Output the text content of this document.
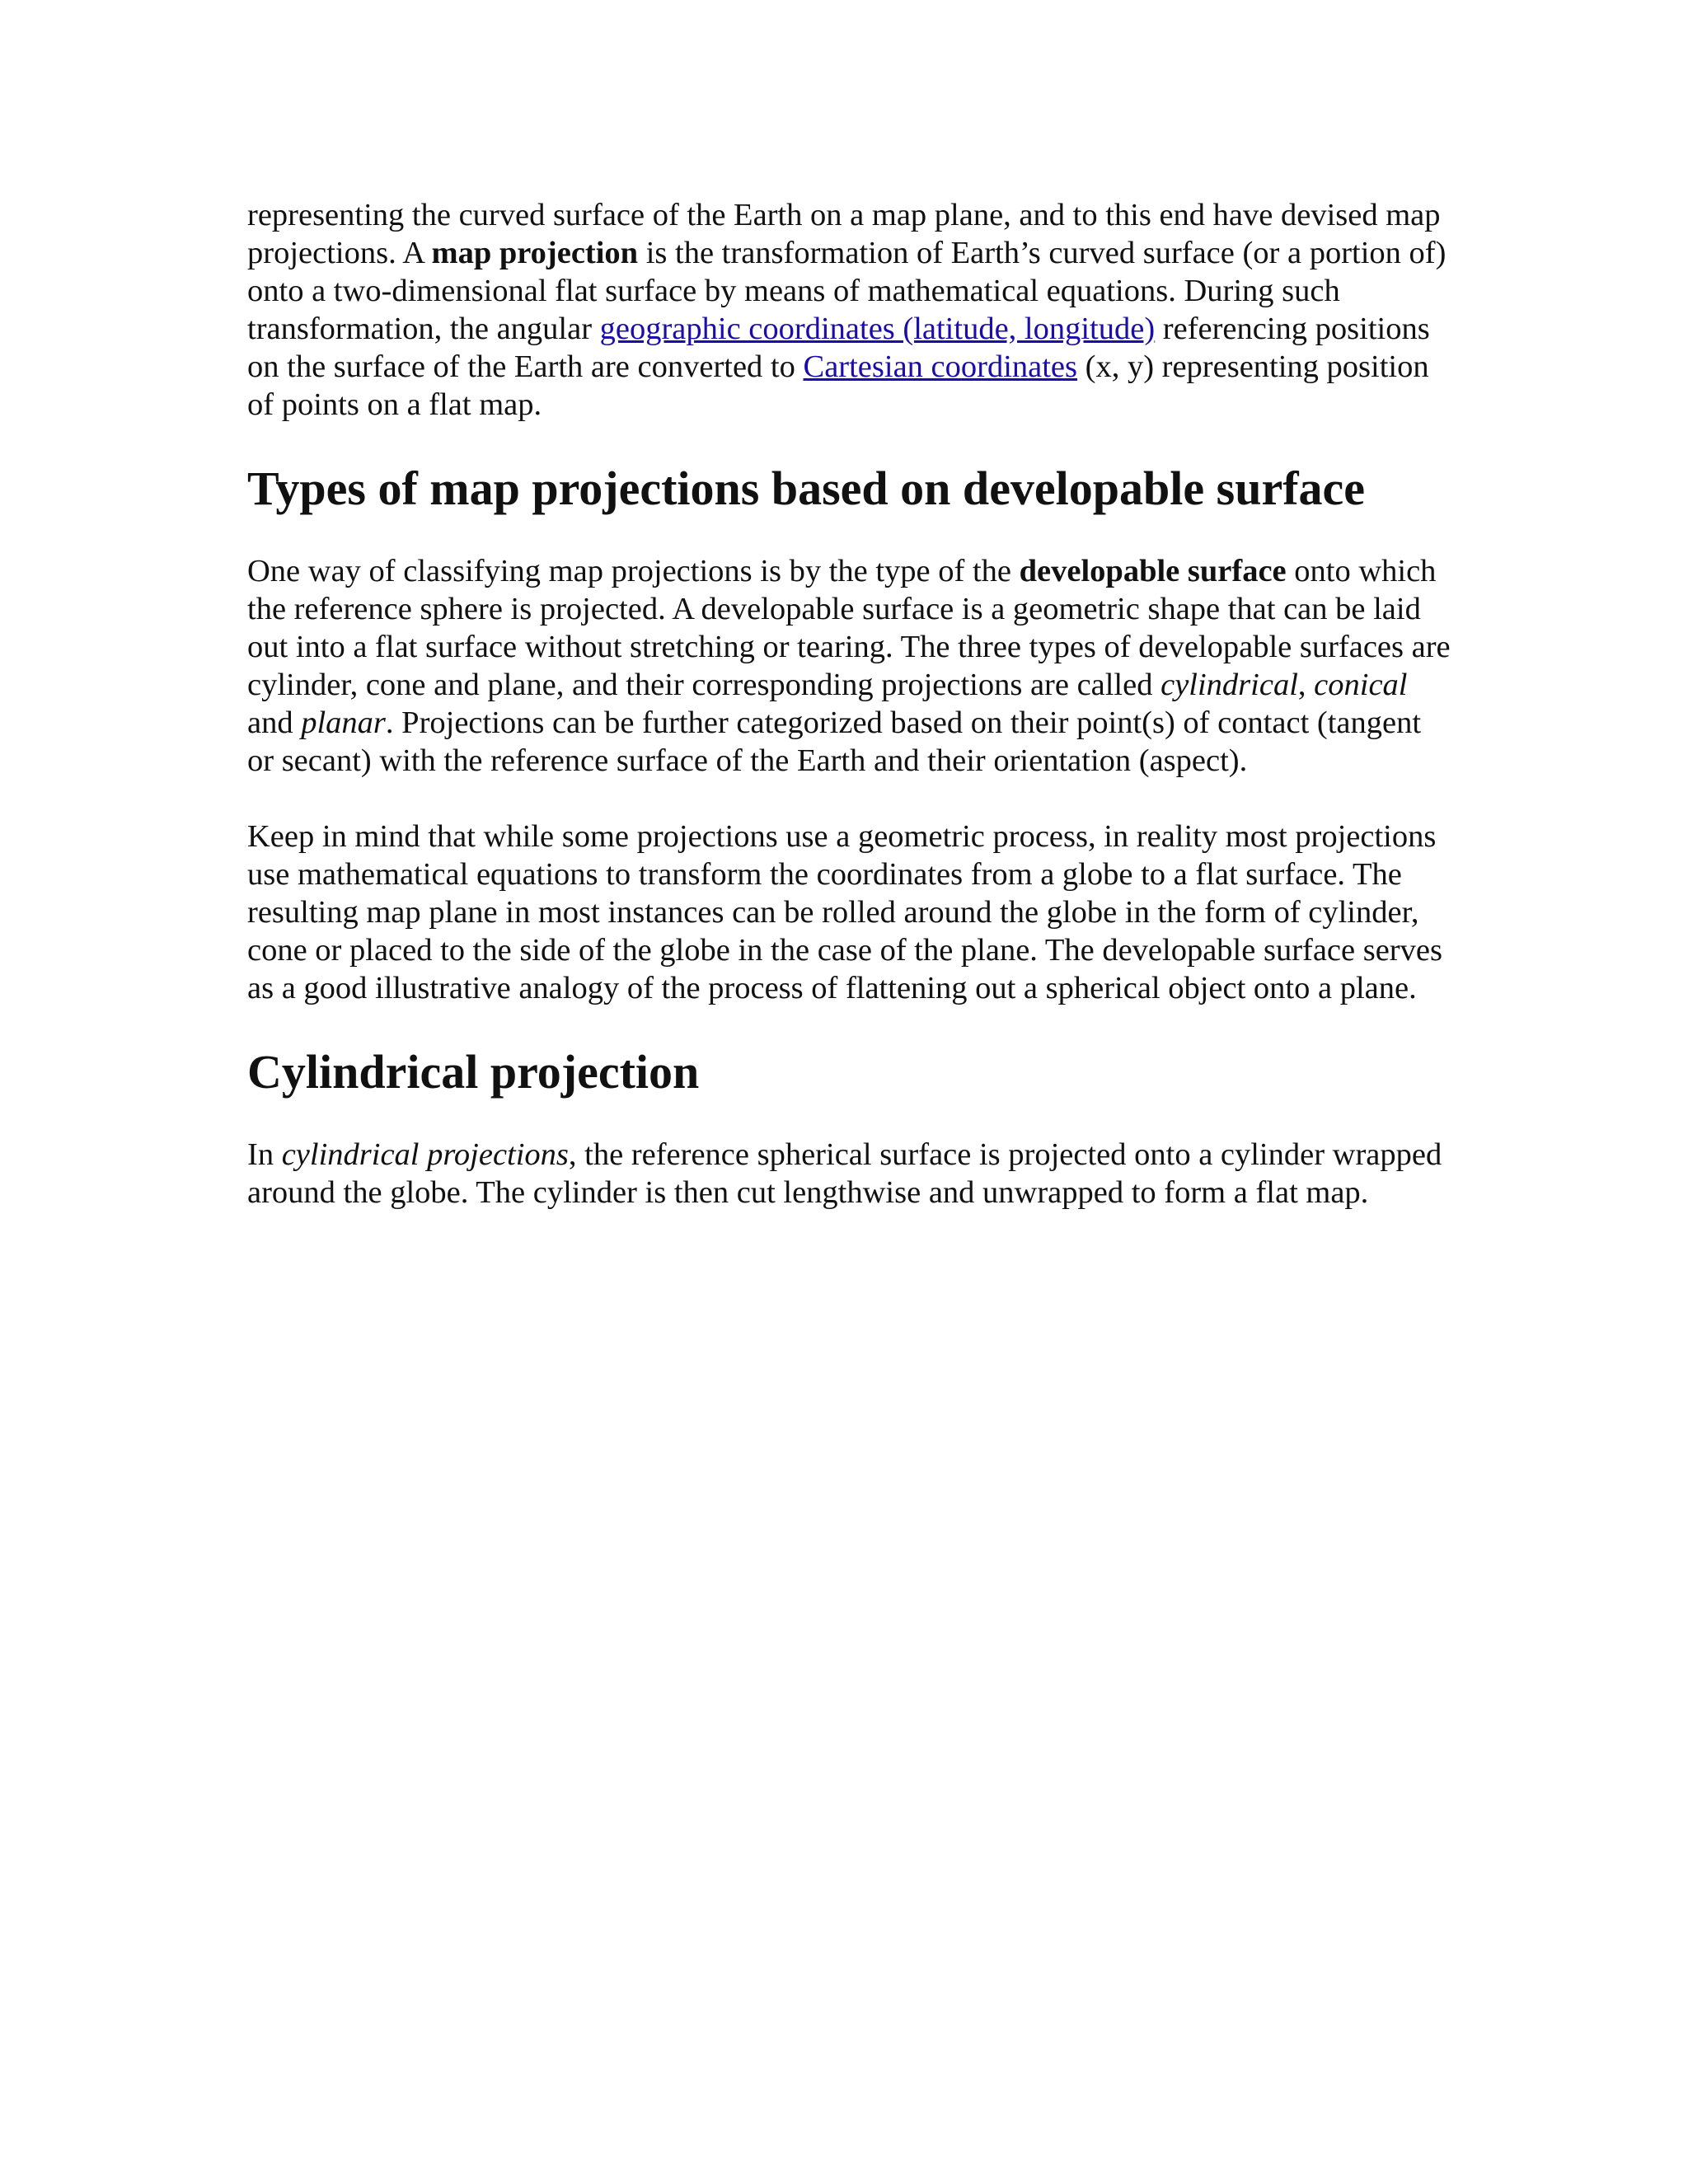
representing the curved surface of the Earth on a map plane, and to this end have devised map projections. A map projection is the transformation of Earth’s curved surface (or a portion of) onto a two-dimensional flat surface by means of mathematical equations. During such transformation, the angular geographic coordinates (latitude, longitude) referencing positions on the surface of the Earth are converted to Cartesian coordinates (x, y) representing position of points on a flat map.

Types of map projections based on developable surface

One way of classifying map projections is by the type of the developable surface onto which the reference sphere is projected. A developable surface is a geometric shape that can be laid out into a flat surface without stretching or tearing. The three types of developable surfaces are cylinder, cone and plane, and their corresponding projections are called cylindrical, conical and planar. Projections can be further categorized based on their point(s) of contact (tangent or secant) with the reference surface of the Earth and their orientation (aspect).

Keep in mind that while some projections use a geometric process, in reality most projections use mathematical equations to transform the coordinates from a globe to a flat surface. The resulting map plane in most instances can be rolled around the globe in the form of cylinder, cone or placed to the side of the globe in the case of the plane. The developable surface serves as a good illustrative analogy of the process of flattening out a spherical object onto a plane.

Cylindrical projection

In cylindrical projections, the reference spherical surface is projected onto a cylinder wrapped around the globe. The cylinder is then cut lengthwise and unwrapped to form a flat map.
